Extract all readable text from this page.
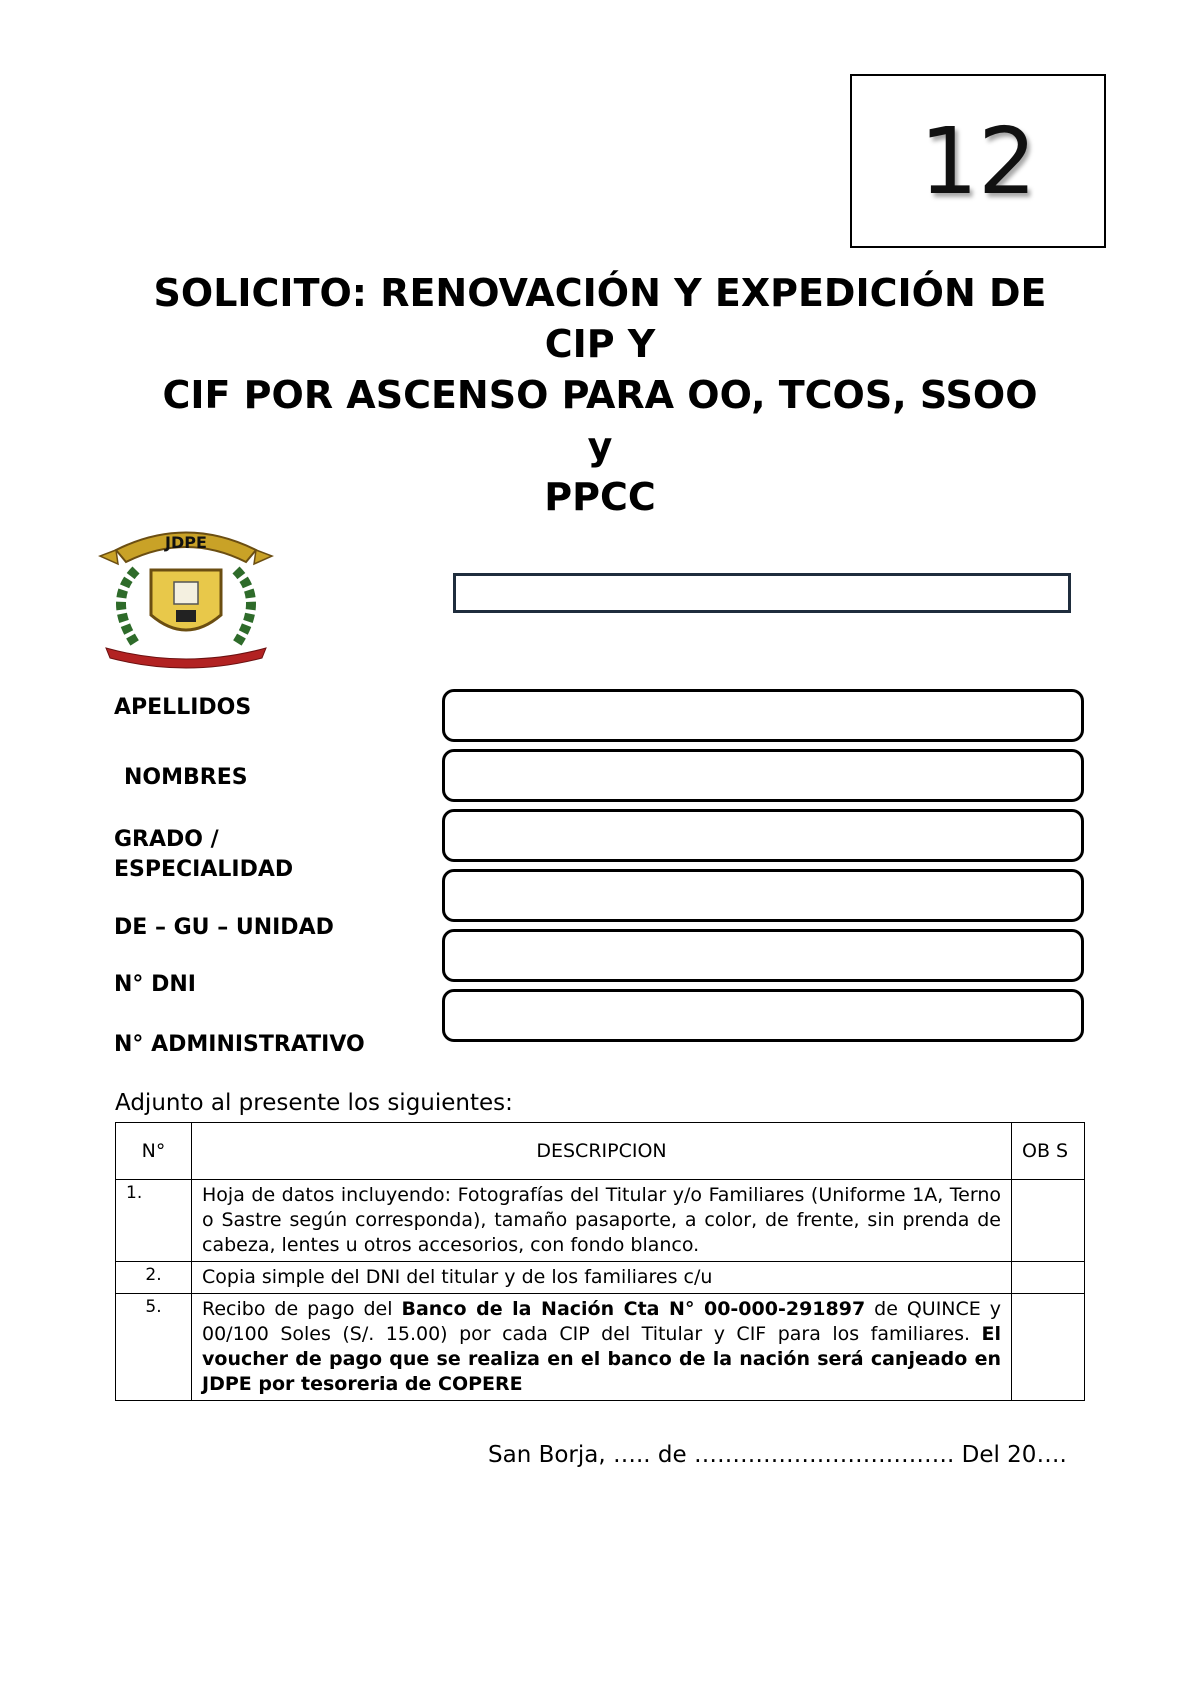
12
SOLICITO: RENOVACIÓN Y EXPEDICIÓN DE
CIP Y
CIF POR ASCENSO PARA OO, TCOS, SSOO
y
PPCC
JDPE
APELLIDOS
NOMBRES
GRADO /
ESPECIALIDAD
DE – GU – UNIDAD
N° DNI
N° ADMINISTRATIVO
Adjunto al presente los siguientes:
N°	DESCRIPCION	OB S
1.	Hoja de datos incluyendo: Fotografías del Titular y/o Familiares (Uniforme 1A, Terno o Sastre según corresponda), tamaño pasaporte, a color, de frente, sin prenda de cabeza, lentes u otros accesorios, con fondo blanco.	
2.	Copia simple del DNI del titular y de los familiares c/u	
5.	Recibo de pago del Banco de la Nación Cta N° 00-000-291897 de QUINCE y 00/100 Soles (S/. 15.00) por cada CIP del Titular y CIF para los familiares. El voucher de pago que se realiza en el banco de la nación será canjeado en JDPE por tesoreria de COPERE	
San Borja, ….. de ……………………………. Del 20….
